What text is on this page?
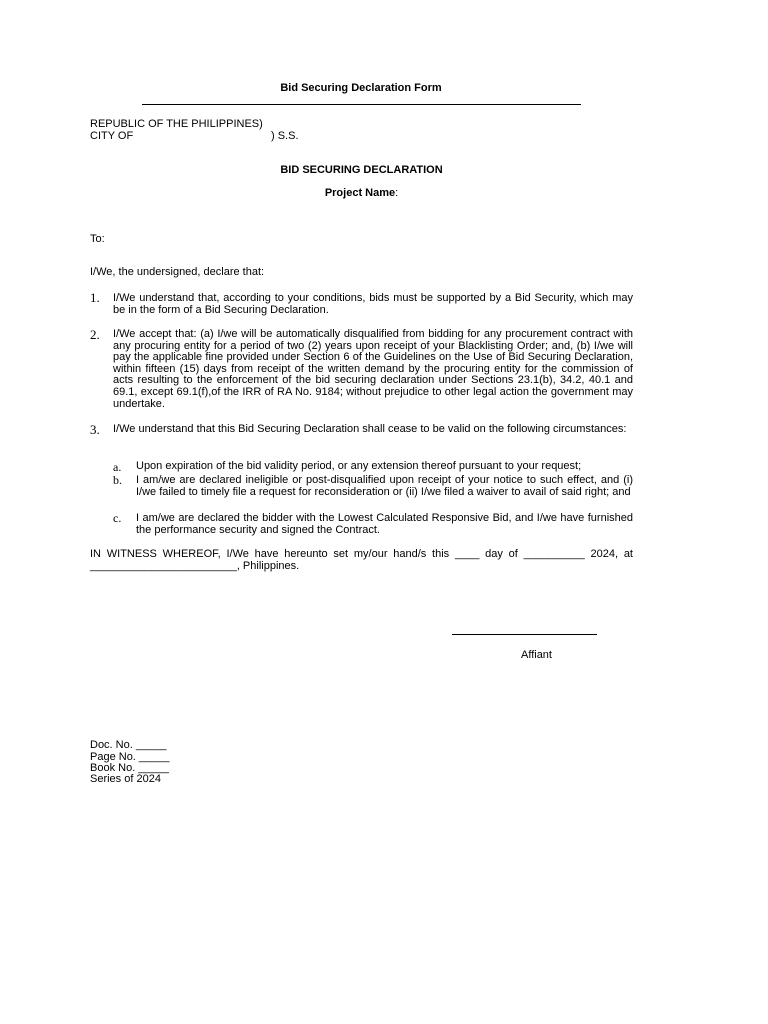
Bid Securing Declaration Form
REPUBLIC OF THE PHILIPPINES)
CITY OF	) S.S.
BID SECURING DECLARATION
Project Name:
To:
I/We, the undersigned, declare that:
1. I/We understand that, according to your conditions, bids must be supported by a Bid Security, which may be in the form of a Bid Securing Declaration.
2. I/We accept that: (a) I/we will be automatically disqualified from bidding for any procurement contract with any procuring entity for a period of two (2) years upon receipt of your Blacklisting Order; and, (b) I/we will pay the applicable fine provided under Section 6 of the Guidelines on the Use of Bid Securing Declaration, within fifteen (15) days from receipt of the written demand by the procuring entity for the commission of acts resulting to the enforcement of the bid securing declaration under Sections 23.1(b), 34.2, 40.1 and 69.1, except 69.1(f),of the IRR of RA No. 9184; without prejudice to other legal action the government may undertake.
3. I/We understand that this Bid Securing Declaration shall cease to be valid on the following circumstances:
a. Upon expiration of the bid validity period, or any extension thereof pursuant to your request;
b. I am/we are declared ineligible or post-disqualified upon receipt of your notice to such effect, and (i) I/we failed to timely file a request for reconsideration or (ii) I/we filed a waiver to avail of said right; and
c. I am/we are declared the bidder with the Lowest Calculated Responsive Bid, and I/we have furnished the performance security and signed the Contract.
IN WITNESS WHEREOF, I/We have hereunto set my/our hand/s this ____ day of __________ 2024, at
________________________, Philippines.
Affiant
Doc. No. _____
Page No. _____
Book No. _____
Series of 2024
